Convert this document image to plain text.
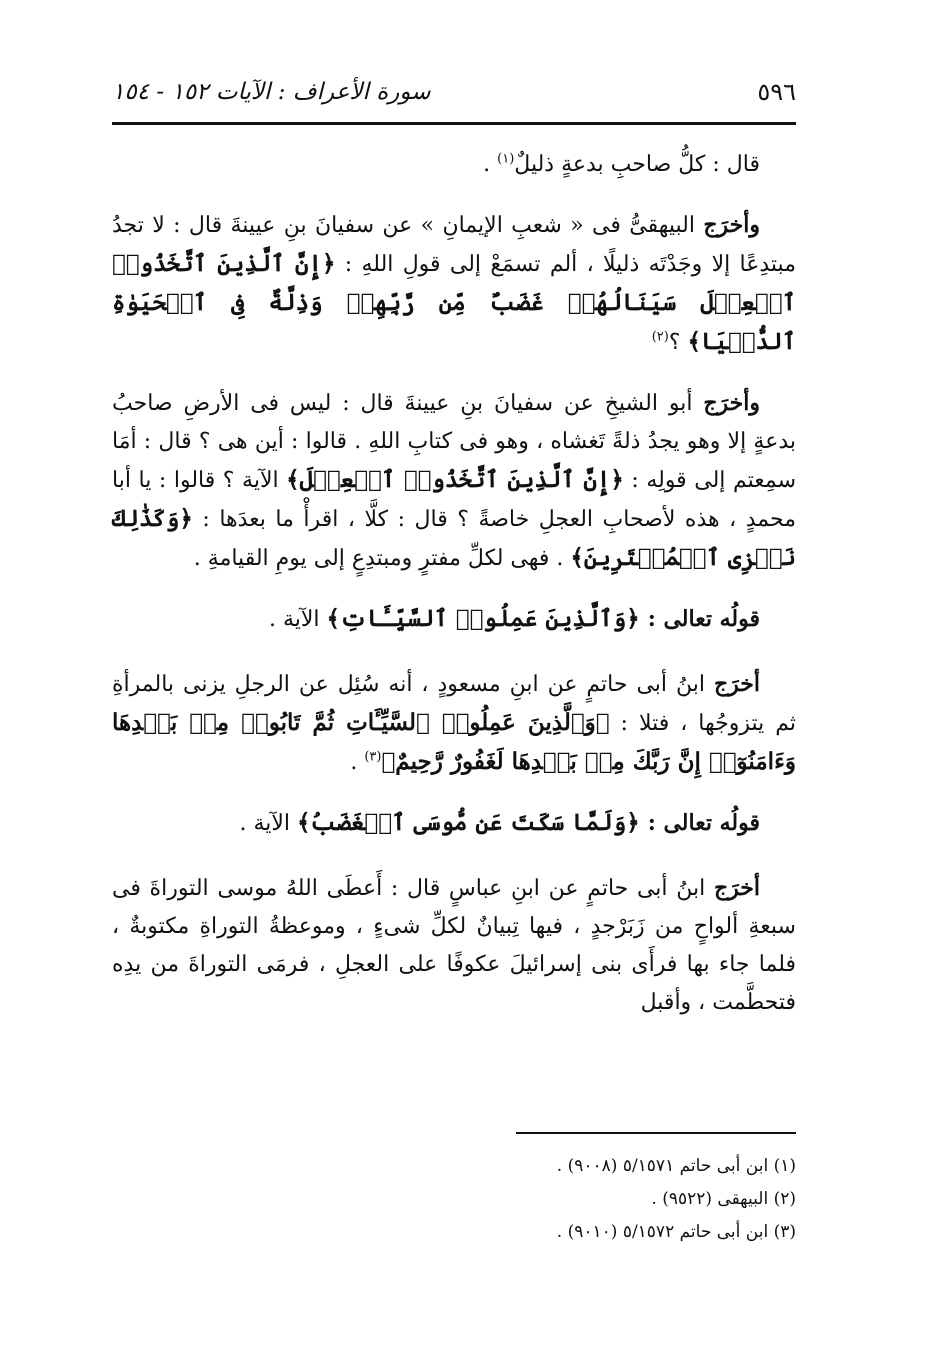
٥٩٦
سورة الأعراف : الآيات ١٥٢ - ١٥٤

قال : كلُّ صاحبِ بدعةٍ ذليلٌ$^{(١)}$ .

وأخرَج البيهقىُّ فى « شعبِ الإيمانِ » عن سفيانَ بنِ عيينةَ قال : لا تجدُ مبتدِعًا إلا وجَدْتَه ذليلًا ، ألم تسمَعْ إلى قولِ اللهِ : ﴿إِنَّ ٱلَّذِينَ ٱتَّخَذُوا۟ ٱلۡعِجۡلَ سَيَنَالُهُمۡ غَضَبٌ مِّن رَّبِّهِمۡ وَذِلَّةٌ فِى ٱلۡحَيَوٰةِ ٱلدُّنۡيَا﴾ ؟$^{(٢)}$

وأخرَج أبو الشيخِ عن سفيانَ بنِ عيينةَ قال : ليس فى الأرضِ صاحبُ بدعةٍ إلا وهو يجدُ ذلةً تَغشاه ، وهو فى كتابِ اللهِ . قالوا : أين هى ؟ قال : أمَا سمِعتم إلى قولِه : ﴿إِنَّ ٱلَّذِينَ ٱتَّخَذُوا۟ ٱلۡعِجۡلَ﴾ الآية ؟ قالوا : يا أبا محمدٍ ، هذه لأصحابِ العجلِ خاصةً ؟ قال : كلَّا ، اقرأْ ما بعدَها : ﴿وَكَذَٰلِكَ نَجۡزِى ٱلۡمُفۡتَرِينَ﴾ . فهى لكلِّ مفترٍ ومبتدِعٍ إلى يومِ القيامةِ .

قولُه تعالى : ﴿وَٱلَّذِينَ عَمِلُوا۟ ٱلسَّيِّـَٔاتِ﴾ الآية .

أخرَج ابنُ أبى حاتمٍ عن ابنِ مسعودٍ ، أنه سُئِل عن الرجلِ يزنى بالمرأةِ ثم يتزوجُها ، فتلا : ﴿وَٱلَّذِينَ عَمِلُوا۟ ٱلسَّيِّـَٔاتِ ثُمَّ تَابُوا۟ مِنۢ بَعۡدِهَا وَءَامَنُوٓا۟ إِنَّ رَبَّكَ مِنۢ بَعۡدِهَا لَغَفُورٌ رَّحِيمٌ﴾$^{(٣)}$ .

قولُه تعالى : ﴿وَلَمَّا سَكَتَ عَن مُّوسَى ٱلۡغَضَبُ﴾ الآية .

أخرَج ابنُ أبى حاتمٍ عن ابنِ عباسٍ قال : أَعطَى اللهُ موسى التوراةَ فى سبعةِ ألواحٍ من زَبَرْجدٍ ، فيها تِبيانٌ لكلِّ شىءٍ ، وموعظةُ التوراةِ مكتوبةٌ ، فلما جاء بها فرأَى بنى إسرائيلَ عكوفًا على العجلِ ، فرمَى التوراةَ من يدِه فتحطَّمت ، وأقبل

(١) ابن أبى حاتم ٥/١٥٧١ (٩٠٠٨) .
(٢) البيهقى (٩٥٢٢) .
(٣) ابن أبى حاتم ٥/١٥٧٢ (٩٠١٠) .
